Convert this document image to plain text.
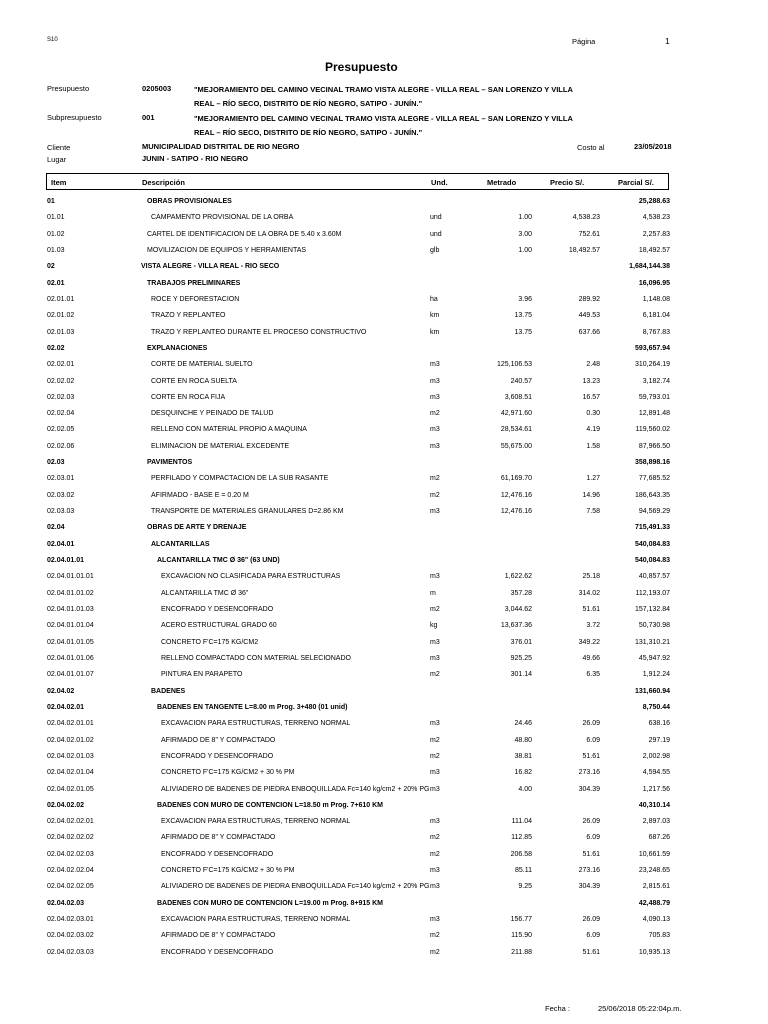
S10	Página	1
Presupuesto
Presupuesto	0205003	"MEJORAMIENTO DEL CAMINO VECINAL TRAMO VISTA ALEGRE - VILLA REAL – SAN LORENZO Y VILLA
REAL – RÍO SECO, DISTRITO DE RÍO NEGRO, SATIPO - JUNÍN."
Subpresupuesto	001	"MEJORAMIENTO DEL CAMINO VECINAL TRAMO VISTA ALEGRE - VILLA REAL – SAN LORENZO Y VILLA
REAL – RÍO SECO, DISTRITO DE RÍO NEGRO, SATIPO - JUNÍN."
Cliente	MUNICIPALIDAD DISTRITAL DE RIO NEGRO	Costo al	23/05/2018
Lugar	JUNIN - SATIPO - RIO NEGRO
Item	Descripción	Und.	Metrado	Precio S/.	Parcial S/.
01	OBRAS PROVISIONALES	25,288.63
01.01	CAMPAMENTO PROVISIONAL DE LA ORBA	und	1.00	4,538.23	4,538.23
01.02	CARTEL DE IDENTIFICACION DE LA OBRA DE 5.40 x 3.60M	und	3.00	752.61	2,257.83
01.03	MOVILIZACION DE EQUIPOS Y HERRAMIENTAS	glb	1.00	18,492.57	18,492.57
02	VISTA ALEGRE - VILLA REAL - RIO SECO	1,684,144.38
02.01	TRABAJOS PRELIMINARES	16,096.95
02.01.01	ROCE Y DEFORESTACION	ha	3.96	289.92	1,148.08
02.01.02	TRAZO Y REPLANTEO	km	13.75	449.53	6,181.04
02.01.03	TRAZO Y REPLANTEO DURANTE EL PROCESO CONSTRUCTIVO	km	13.75	637.66	8,767.83
02.02	EXPLANACIONES	593,657.94
02.02.01	CORTE DE MATERIAL SUELTO	m3	125,106.53	2.48	310,264.19
02.02.02	CORTE EN ROCA SUELTA	m3	240.57	13.23	3,182.74
02.02.03	CORTE EN ROCA FIJA	m3	3,608.51	16.57	59,793.01
02.02.04	DESQUINCHE Y PEINADO DE TALUD	m2	42,971.60	0.30	12,891.48
02.02.05	RELLENO CON MATERIAL PROPIO A MAQUINA	m3	28,534.61	4.19	119,560.02
02.02.06	ELIMINACION DE MATERIAL EXCEDENTE	m3	55,675.00	1.58	87,966.50
02.03	PAVIMENTOS	358,898.16
02.03.01	PERFILADO Y COMPACTACION DE LA SUB RASANTE	m2	61,169.70	1.27	77,685.52
02.03.02	AFIRMADO - BASE E = 0.20 M	m2	12,476.16	14.96	186,643.35
02.03.03	TRANSPORTE DE MATERIALES GRANULARES D=2.86 KM	m3	12,476.16	7.58	94,569.29
02.04	OBRAS DE ARTE Y DRENAJE	715,491.33
02.04.01	ALCANTARILLAS	540,084.83
02.04.01.01	ALCANTARILLA TMC Ø 36" (63 UND)	540,084.83
02.04.01.01.01	EXCAVACION NO CLASIFICADA PARA ESTRUCTURAS	m3	1,622.62	25.18	40,857.57
02.04.01.01.02	ALCANTARILLA TMC Ø 36"	m	357.28	314.02	112,193.07
02.04.01.01.03	ENCOFRADO Y DESENCOFRADO	m2	3,044.62	51.61	157,132.84
02.04.01.01.04	ACERO ESTRUCTURAL GRADO 60	kg	13,637.36	3.72	50,730.98
02.04.01.01.05	CONCRETO F'C=175 KG/CM2	m3	376.01	349.22	131,310.21
02.04.01.01.06	RELLENO COMPACTADO CON MATERIAL SELECIONADO	m3	925.25	49.66	45,947.92
02.04.01.01.07	PINTURA EN PARAPETO	m2	301.14	6.35	1,912.24
02.04.02	BADENES	131,660.94
02.04.02.01	BADENES EN TANGENTE L=8.00 m Prog. 3+480 (01 unid)	8,750.44
02.04.02.01.01	EXCAVACION PARA ESTRUCTURAS, TERRENO NORMAL	m3	24.46	26.09	638.16
02.04.02.01.02	AFIRMADO DE 8" Y COMPACTADO	m2	48.80	6.09	297.19
02.04.02.01.03	ENCOFRADO Y DESENCOFRADO	m2	38.81	51.61	2,002.98
02.04.02.01.04	CONCRETO F'C=175 KG/CM2 + 30 % PM	m3	16.82	273.16	4,594.55
02.04.02.01.05	ALIVIADERO DE BADENES DE PIEDRA ENBOQUILLADA Fc=140 kg/cm2 + 20% PG m3	4.00	304.39	1,217.56
02.04.02.02	BADENES CON MURO DE CONTENCION L=18.50 m Prog. 7+610 KM	40,310.14
02.04.02.02.01	EXCAVACION PARA ESTRUCTURAS, TERRENO NORMAL	m3	111.04	26.09	2,897.03
02.04.02.02.02	AFIRMADO DE 8" Y COMPACTADO	m2	112.85	6.09	687.26
02.04.02.02.03	ENCOFRADO Y DESENCOFRADO	m2	206.58	51.61	10,661.59
02.04.02.02.04	CONCRETO F'C=175 KG/CM2 + 30 % PM	m3	85.11	273.16	23,248.65
02.04.02.02.05	ALIVIADERO DE BADENES DE PIEDRA ENBOQUILLADA Fc=140 kg/cm2 + 20% PG m3	9.25	304.39	2,815.61
02.04.02.03	BADENES CON MURO DE CONTENCION L=19.00 m Prog. 8+915 KM	42,488.79
02.04.02.03.01	EXCAVACION PARA ESTRUCTURAS, TERRENO NORMAL	m3	156.77	26.09	4,090.13
02.04.02.03.02	AFIRMADO DE 8" Y COMPACTADO	m2	115.90	6.09	705.83
02.04.02.03.03	ENCOFRADO Y DESENCOFRADO	m2	211.88	51.61	10,935.13
Fecha :	25/06/2018 05:22:04p.m.
